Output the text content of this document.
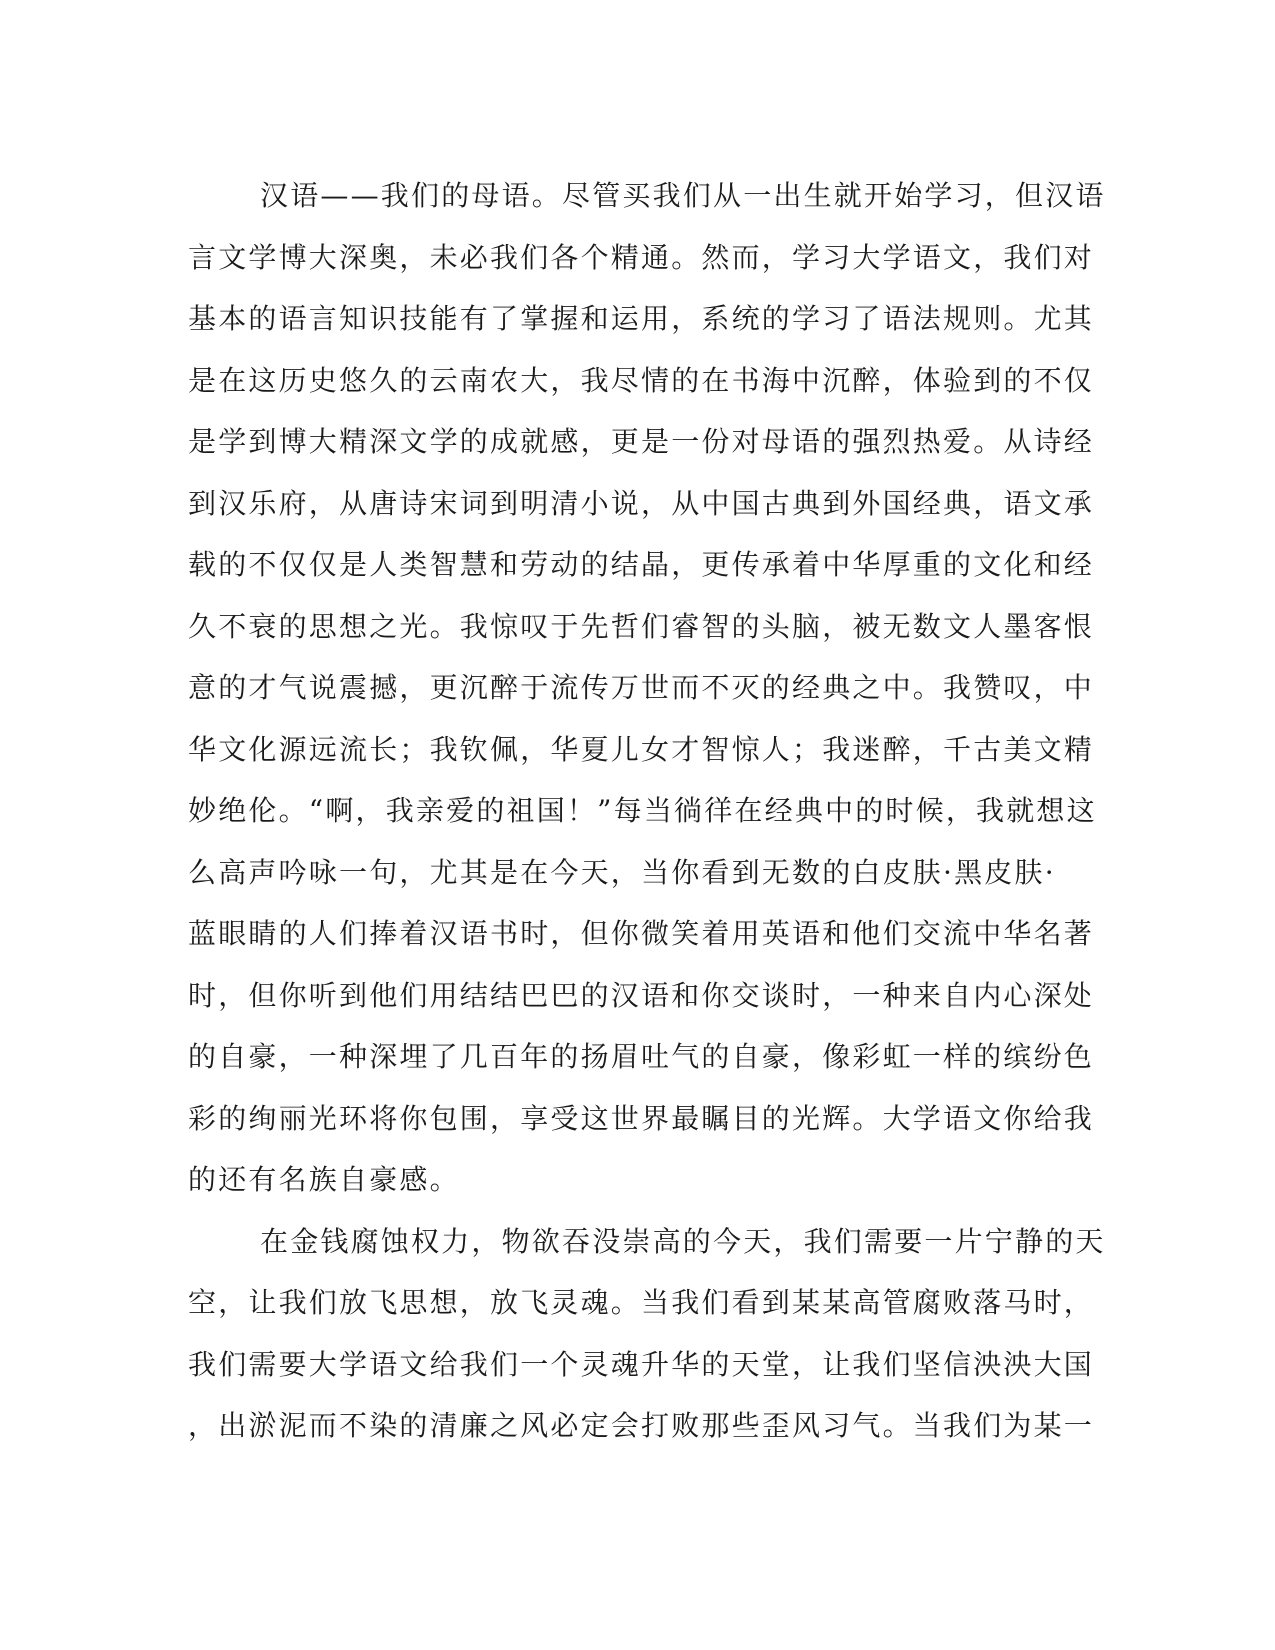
汉语——我们的母语。尽管买我们从一出生就开始学习，但汉语
言文学博大深奥，未必我们各个精通。然而，学习大学语文，我们对
基本的语言知识技能有了掌握和运用，系统的学习了语法规则。尤其
是在这历史悠久的云南农大，我尽情的在书海中沉醉，体验到的不仅
是学到博大精深文学的成就感，更是一份对母语的强烈热爱。从诗经
到汉乐府，从唐诗宋词到明清小说，从中国古典到外国经典，语文承
载的不仅仅是人类智慧和劳动的结晶，更传承着中华厚重的文化和经
久不衰的思想之光。我惊叹于先哲们睿智的头脑，被无数文人墨客恨
意的才气说震撼，更沉醉于流传万世而不灭的经典之中。我赞叹，中
华文化源远流长；我钦佩，华夏儿女才智惊人；我迷醉，千古美文精
妙绝伦。“啊，我亲爱的祖国！”每当徜徉在经典中的时候，我就想这
么高声吟咏一句，尤其是在今天，当你看到无数的白皮肤·黑皮肤·
蓝眼睛的人们捧着汉语书时，但你微笑着用英语和他们交流中华名著
时，但你听到他们用结结巴巴的汉语和你交谈时，一种来自内心深处
的自豪，一种深埋了几百年的扬眉吐气的自豪，像彩虹一样的缤纷色
彩的绚丽光环将你包围，享受这世界最瞩目的光辉。大学语文你给我
的还有名族自豪感。
在金钱腐蚀权力，物欲吞没崇高的今天，我们需要一片宁静的天
空，让我们放飞思想，放飞灵魂。当我们看到某某高管腐败落马时，
我们需要大学语文给我们一个灵魂升华的天堂，让我们坚信泱泱大国
，出淤泥而不染的清廉之风必定会打败那些歪风习气。当我们为某一
